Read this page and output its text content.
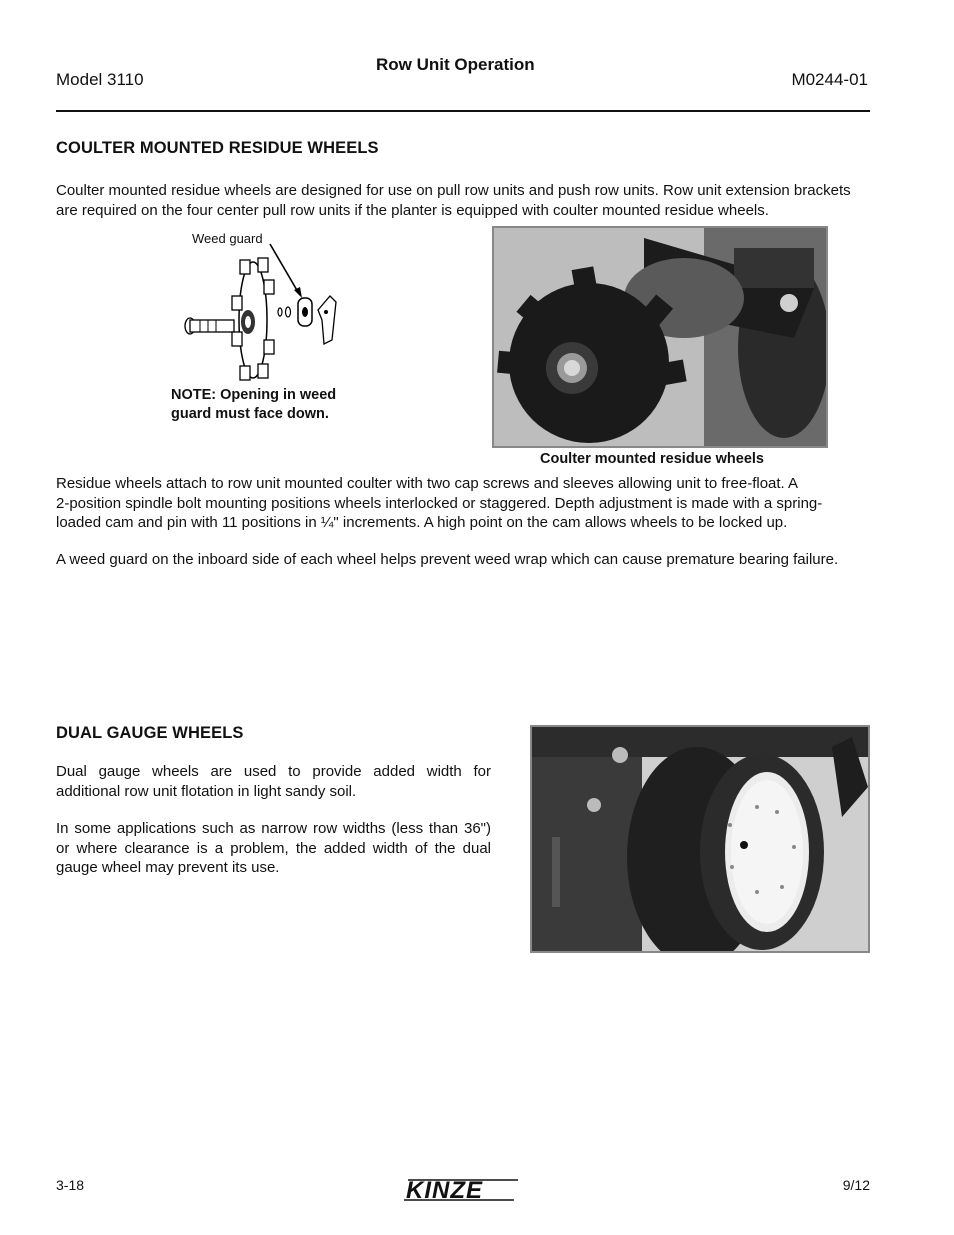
Model 3110
Row Unit Operation
M0244-01
COULTER MOUNTED RESIDUE WHEELS
Coulter mounted residue wheels are designed for use on pull row units and push row units. Row unit extension brackets are required on the four center pull row units if the planter is equipped with coulter mounted residue wheels.
Weed guard
NOTE: Opening in weed
guard must face down.
Coulter mounted residue wheels
Residue wheels attach to row unit mounted coulter with two cap screws and sleeves allowing unit to free-float. A
2-position spindle bolt mounting positions wheels interlocked or staggered. Depth adjustment is made with a spring-
loaded cam and pin with 11 positions in ¼" increments. A high point on the cam allows wheels to be locked up.
A weed guard on the inboard side of each wheel helps prevent weed wrap which can cause premature bearing failure.
DUAL GAUGE WHEELS
Dual gauge wheels are used to provide added width for additional row unit flotation in light sandy soil.
In some applications such as narrow row widths (less than 36") or where clearance is a problem, the added width of the dual gauge wheel may prevent its use.
3-18	KINZE	9/12
